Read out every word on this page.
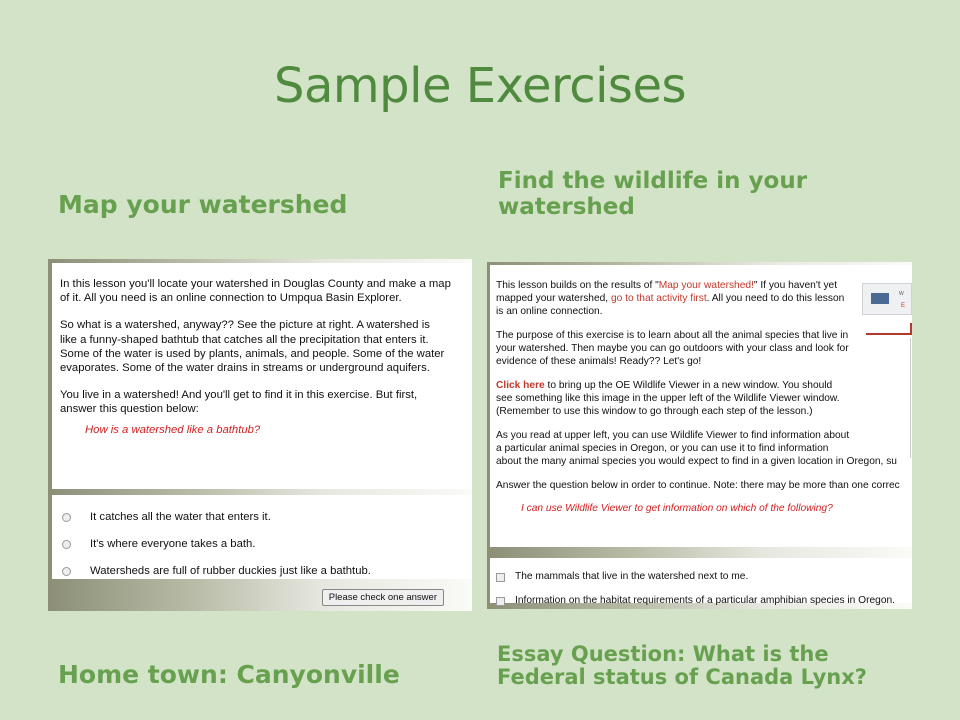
Sample Exercises
Map your watershed
Find the wildlife in your watershed

In this lesson you'll locate your watershed in Douglas County and make a map
of it. All you need is an online connection to Umpqua Basin Explorer.

So what is a watershed, anyway?? See the picture at right. A watershed is
like a funny-shaped bathtub that catches all the precipitation that enters it.
Some of the water is used by plants, animals, and people. Some of the water
evaporates. Some of the water drains in streams or underground aquifers.

You live in a watershed! And you'll get to find it in this exercise. But first,
answer this question below:

How is a watershed like a bathtub?
It catches all the water that enters it.
It's where everyone takes a bath.
Watersheds are full of rubber duckies just like a bathtub.
Please check one answer
W
E

This lesson builds on the results of "Map your watershed!" If you haven't yet
mapped your watershed, go to that activity first. All you need to do this lesson
is an online connection.

The purpose of this exercise is to learn about all the animal species that live in
your watershed. Then maybe you can go outdoors with your class and look for
evidence of these animals! Ready?? Let's go!

Click here to bring up the OE Wildlife Viewer in a new window. You should
see something like this image in the upper left of the Wildlife Viewer window.
(Remember to use this window to go through each step of the lesson.)

As you read at upper left, you can use Wildlife Viewer to find information about
a particular animal species in Oregon, or you can use it to find information
about the many animal species you would expect to find in a given location in Oregon, su

Answer the question below in order to continue. Note: there may be more than one correc

I can use Wildlife Viewer to get information on which of the following?
The mammals that live in the watershed next to me.
Information on the habitat requirements of a particular amphibian species in Oregon.
Home town: Canyonville
Essay Question: What is the Federal status of Canada Lynx?
